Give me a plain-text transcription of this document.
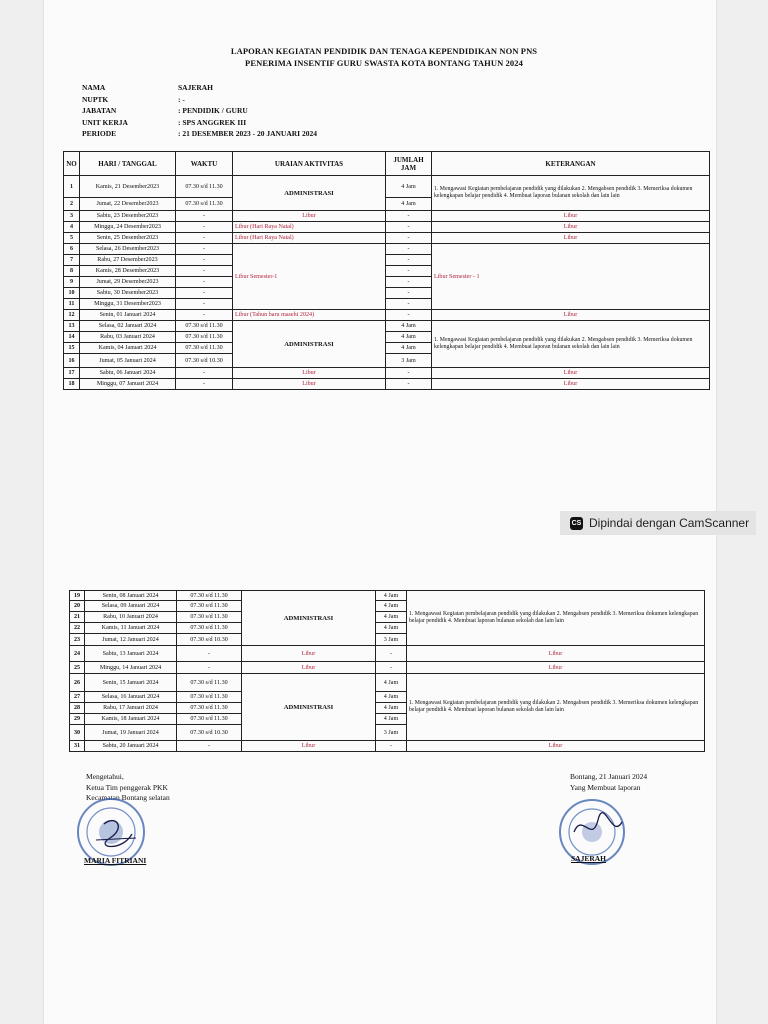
LAPORAN KEGIATAN PENDIDIK DAN TENAGA KEPENDIDIKAN NON PNS
PENERIMA INSENTIF GURU SWASTA KOTA BONTANG TAHUN 2024
NAMA	SAJERAH
NUPTK	: -
JABATAN	: PENDIDIK / GURU
UNIT KERJA	: SPS ANGGREK III
PERIODE	: 21 DESEMBER 2023 - 20 JANUARI 2024
NO	HARI / TANGGAL	WAKTU	URAIAN AKTIVITAS	JUMLAH JAM	KETERANGAN
1	Kamis, 21 Desember2023	07.30 s/d 11.30	ADMINISTRASI	4 Jam	1. Mengawasi Kegiatan pembelajaran pendidik yang dilakukan 2. Mengabsen pendidik 3. Memeriksa dokumen kelengkapan belajar pendidik 4. Membuat laporan bulanan sekolah dan lain lain
2	Jumat, 22 Desember2023	07.30 s/d 11.30		4 Jam	
3	Sabtu, 23 Desember2023	-	Libur	-	Libur
4	Minggu, 24 Desember2023	-	Libur (Hari Raya Natal)	-	Libur
5	Senin, 25 Desember2023	-	Libur (Hari Raya Natal)	-	Libur
6	Selasa, 26 Desember2023	-	Libur Semester-1	-	Libur Semester - 1
7	Rabu, 27 Desember2023	-		-	
8	Kamis, 28 Desember2023	-		-	
9	Jumat, 29 Desember2023	-		-	
10	Sabtu, 30 Desember2023	-		-	
11	Minggu, 31 Desember2023	-		-	
12	Senin, 01 Januari 2024	-	Libur (Tahun baru masehi 2024)	-	Libur
13	Selasa, 02 Januari 2024	07.30 s/d 11.30	ADMINISTRASI	4 Jam	1. Mengawasi Kegiatan pembelajaran pendidik yang dilakukan 2. Mengabsen pendidik 3. Memeriksa dokumen kelengkapan belajar pendidik 4. Membuat laporan bulanan sekolah dan lain lain
14	Rabu, 03 Januari 2024	07.30 s/d 11.30		4 Jam	
15	Kamis, 04 Januari 2024	07.30 s/d 11.30		4 Jam	
16	Jumat, 05 Januari 2024	07.30 s/d 10.30		3 Jam	
17	Sabtu, 06 Januari 2024	-	Libur	-	Libur
18	Minggu, 07 Januari 2024	-	Libur	-	Libur
CS Dipindai dengan CamScanner
19	Senin, 08 Januari 2024	07.30 s/d 11.30	ADMINISTRASI	4 Jam	1. Mengawasi Kegiatan pembelajaran pendidik yang dilakukan 2. Mengabsen pendidik 3. Memeriksa dokumen kelengkapan belajar pendidik 4. Membuat laporan bulanan sekolah dan lain lain
20	Selasa, 09 Januari 2024	07.30 s/d 11.30		4 Jam	
21	Rabu, 10 Januari 2024	07.30 s/d 11.30		4 Jam	
22	Kamis, 11 Januari 2024	07.30 s/d 11.30		4 Jam	
23	Jumat, 12 Januari 2024	07.30 s/d 10.30		3 Jam	
24	Sabtu, 13 Januari 2024	-	Libur	-	Libur
25	Minggu, 14 Januari 2024	-	Libur	-	Libur
26	Senin, 15 Januari 2024	07.30 s/d 11.30	ADMINISTRASI	4 Jam	1. Mengawasi Kegiatan pembelajaran pendidik yang dilakukan 2. Mengabsen pendidik 3. Memeriksa dokumen kelengkapan belajar pendidik 4. Membuat laporan bulanan sekolah dan lain lain
27	Selasa, 16 Januari 2024	07.30 s/d 11.30		4 Jam	
28	Rabu, 17 Januari 2024	07.30 s/d 11.30		4 Jam	
29	Kamis, 18 Januari 2024	07.30 s/d 11.30		4 Jam	
30	Jumat, 19 Januari 2024	07.30 s/d 10.30		3 Jam	
31	Sabtu, 20 Januari 2024	-	Libur	-	Libur
Mengetahui,
Ketua Tim penggerak PKK
Kecamatan Bontang selatan
MARIA FITRIANI
Bontang, 21 Januari 2024
Yang Membuat laporan
SAJERAH
